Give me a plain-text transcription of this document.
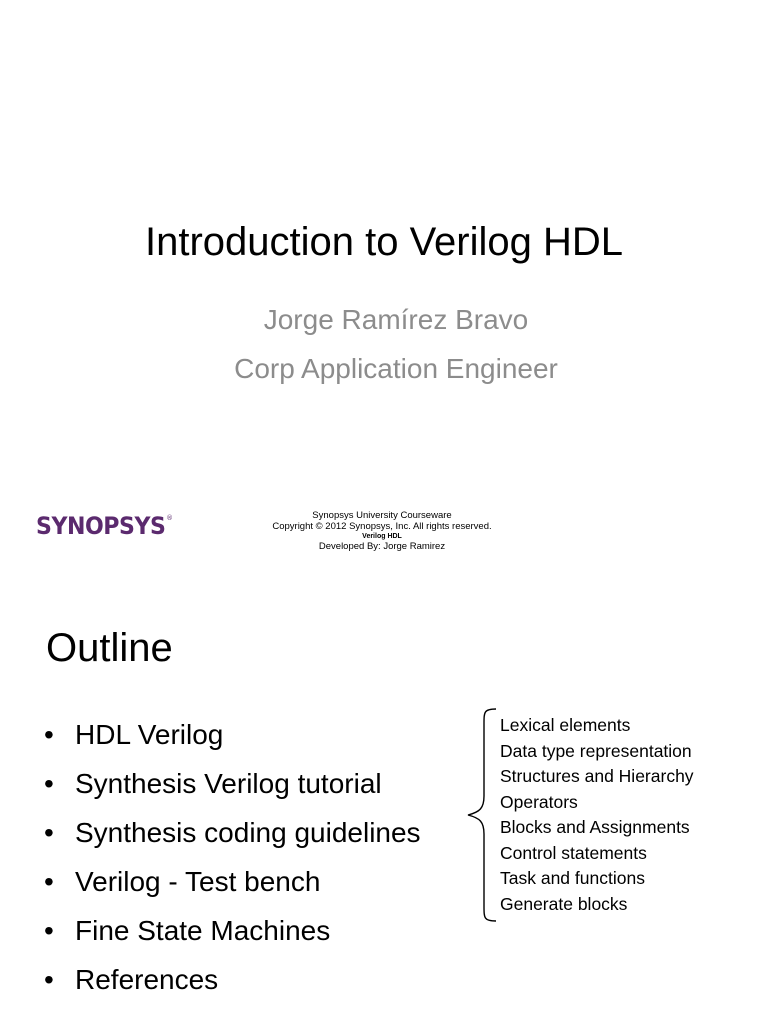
Introduction to Verilog HDL
Jorge Ramírez Bravo
Corp Application Engineer
SYNOPSYS®	Synopsys University Courseware
Copyright © 2012 Synopsys, Inc. All rights reserved.
Verilog HDL
Developed By: Jorge Ramirez
Outline
• HDL Verilog
• Synthesis Verilog tutorial
• Synthesis coding guidelines
• Verilog - Test bench
• Fine State Machines
• References
Lexical elements
Data type representation
Structures and Hierarchy
Operators
Blocks and Assignments
Control statements
Task and functions
Generate blocks
